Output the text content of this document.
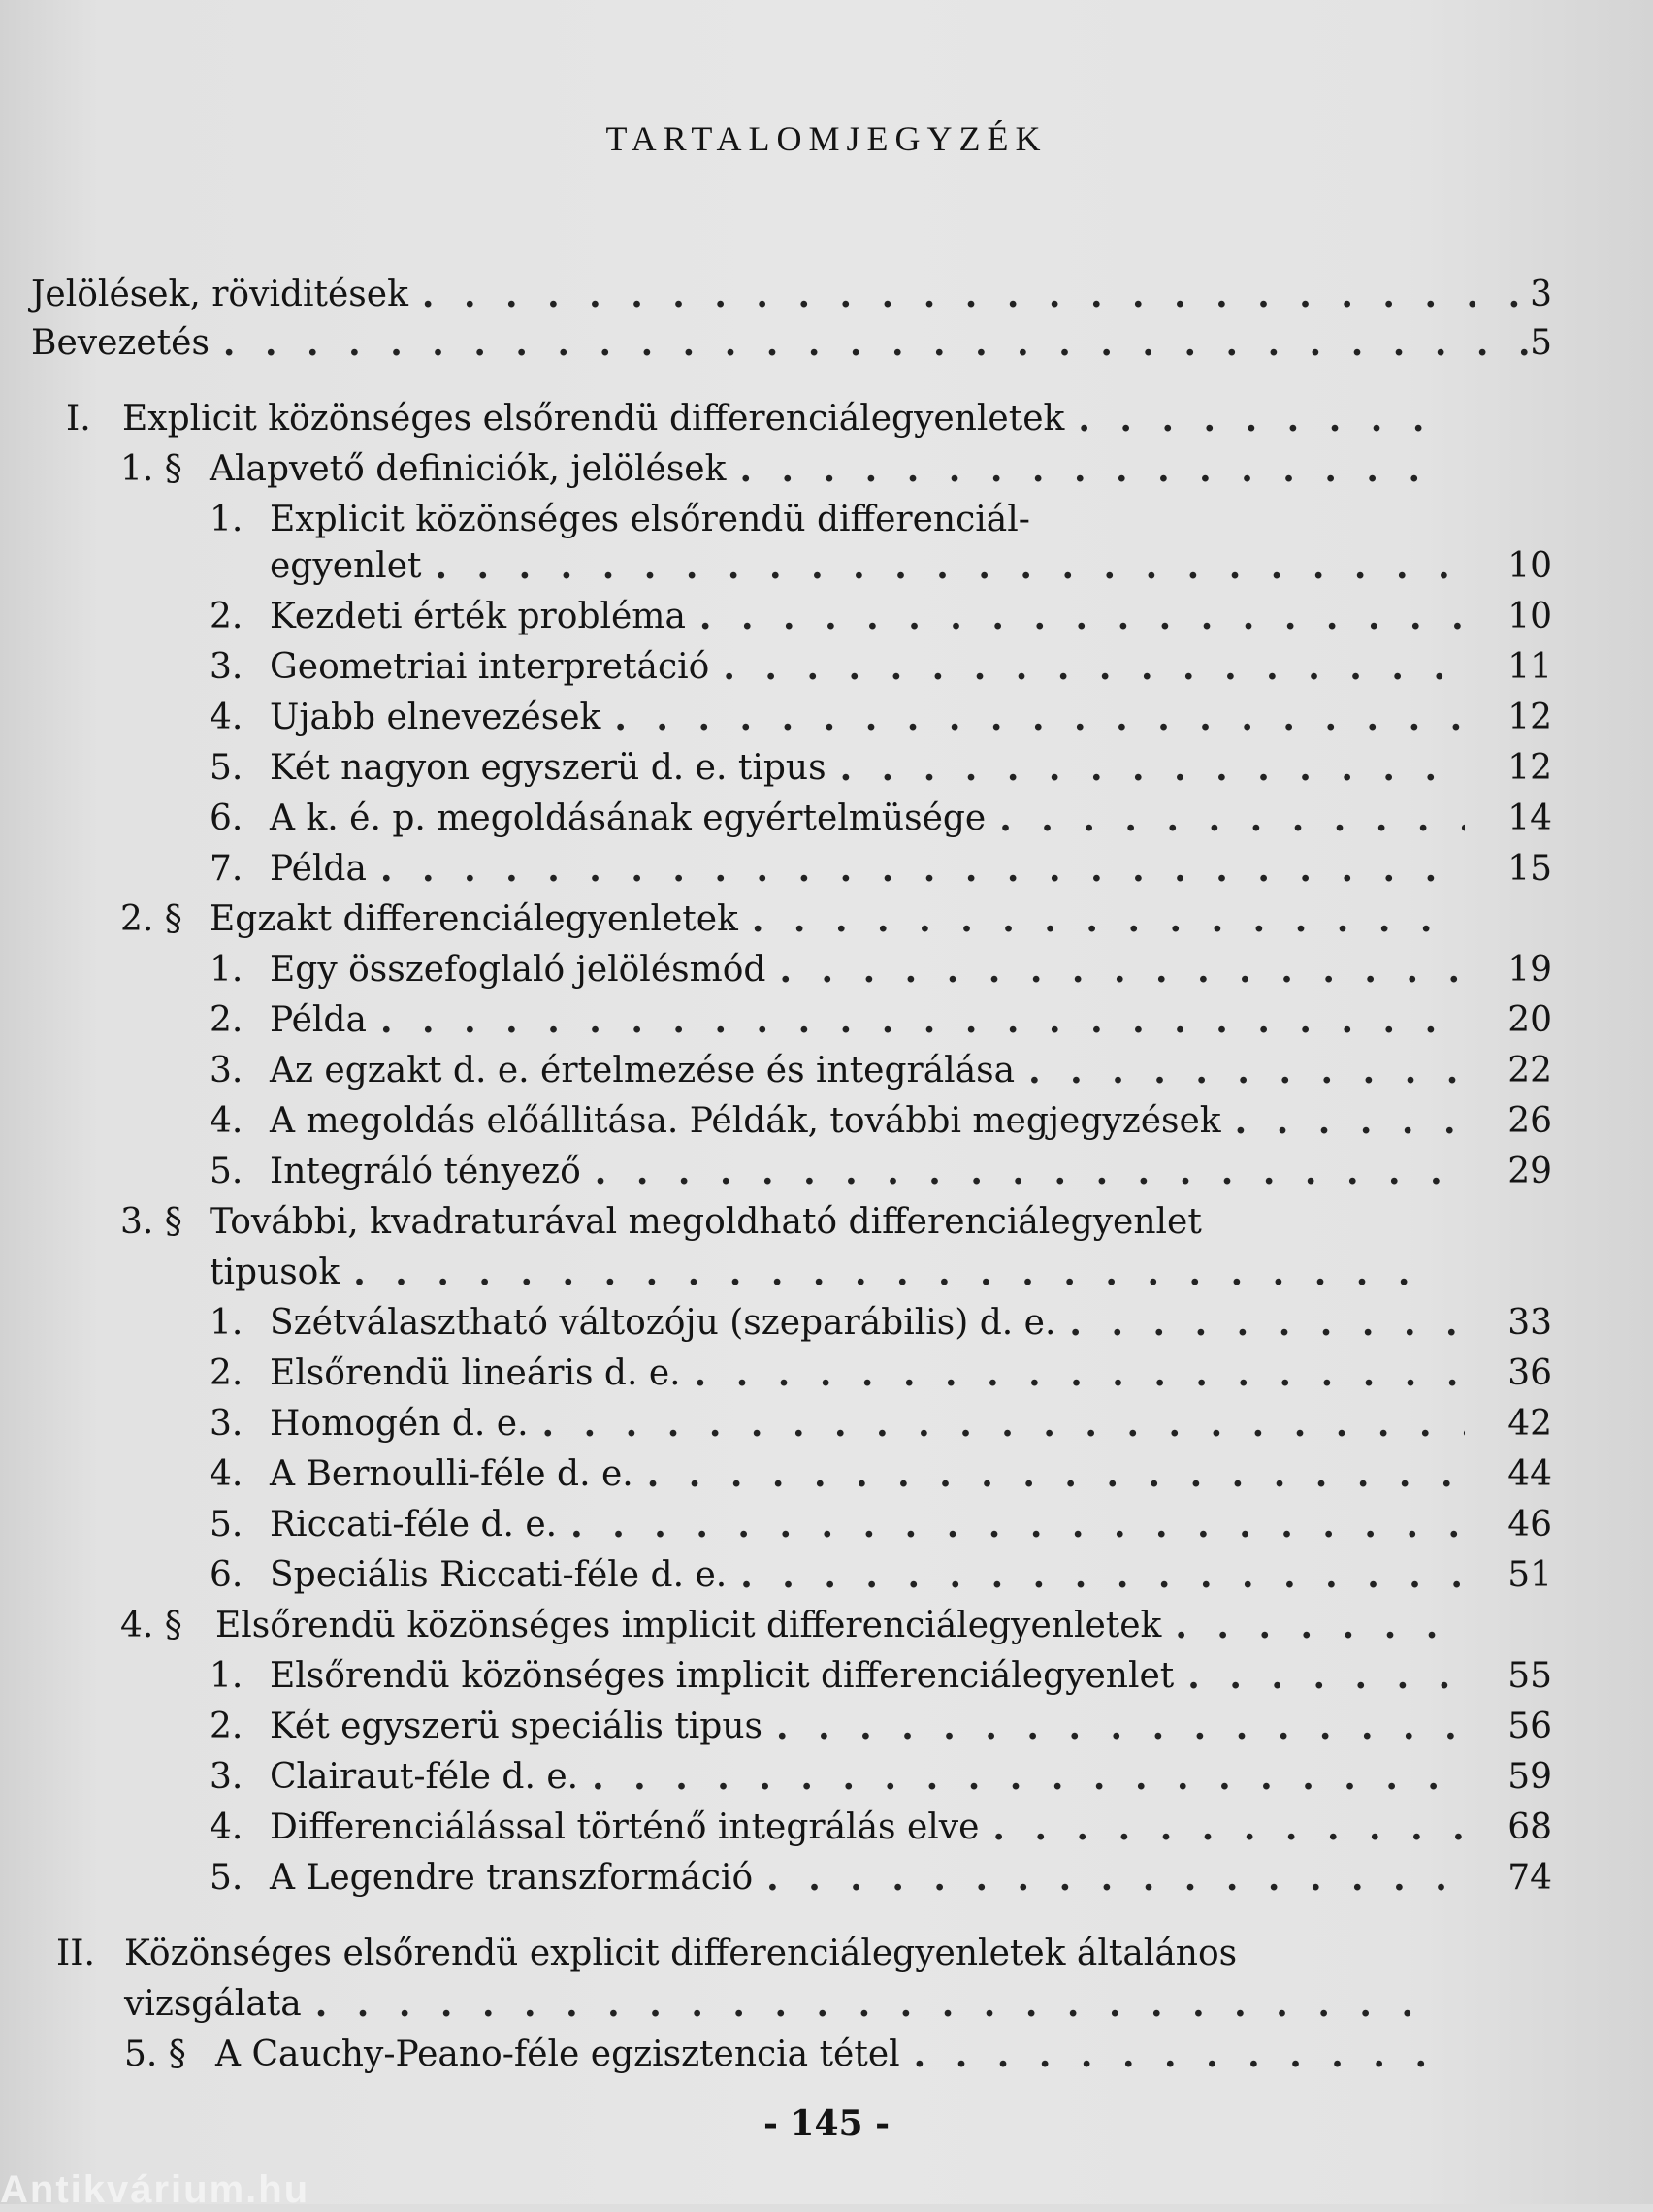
TARTALOMJEGYZÉK
Jelölések, röviditések . . .	3
Bevezetés . . .	5
I. Explicit közönséges elsőrendü differenciálegyenletek
. . .
1. § Alapvető definiciók, jelölések
. . .
1. Explicit közönséges elsőrendü differenciál-
egyenlet . . .	10
2. Kezdeti érték probléma . . .	10
3. Geometriai interpretáció . . .	11
4. Ujabb elnevezések . . .	12
5. Két nagyon egyszerü d. e. tipus . . .	12
6. A k. é. p. megoldásának egyértelmüsége . . .	14
7. Példa . . .	15
2. § Egzakt differenciálegyenletek
. . .
1. Egy összefoglaló jelölésmód . . .	19
2. Példa . . .	20
3. Az egzakt d. e. értelmezése és integrálása . . .	22
4. A megoldás előállitása. Példák, további megjegyzések . . .	26
5. Integráló tényező . . .	29
3. § További, kvadraturával megoldható differenciálegyenlet
tipusok
. . .
1. Szétválasztható változóju (szeparábilis) d. e. . . .	33
2. Elsőrendü lineáris d. e. . . .	36
3. Homogén d. e. . . .	42
4. A Bernoulli-féle d. e. . . .	44
5. Riccati-féle d. e. . . .	46
6. Speciális Riccati-féle d. e. . . .	51
4. § Elsőrendü közönséges implicit differenciálegyenletek
. . .
1. Elsőrendü közönséges implicit differenciálegyenlet . . .	55
2. Két egyszerü speciális tipus . . .	56
3. Clairaut-féle d. e. . . .	59
4. Differenciálással történő integrálás elve . . .	68
5. A Legendre transzformáció . . .	74
II. Közönséges elsőrendü explicit differenciálegyenletek általános
vizsgálata
. . .
5. § A Cauchy-Peano-féle egzisztencia tétel
. . .
- 145 -
Antikvárium.hu
